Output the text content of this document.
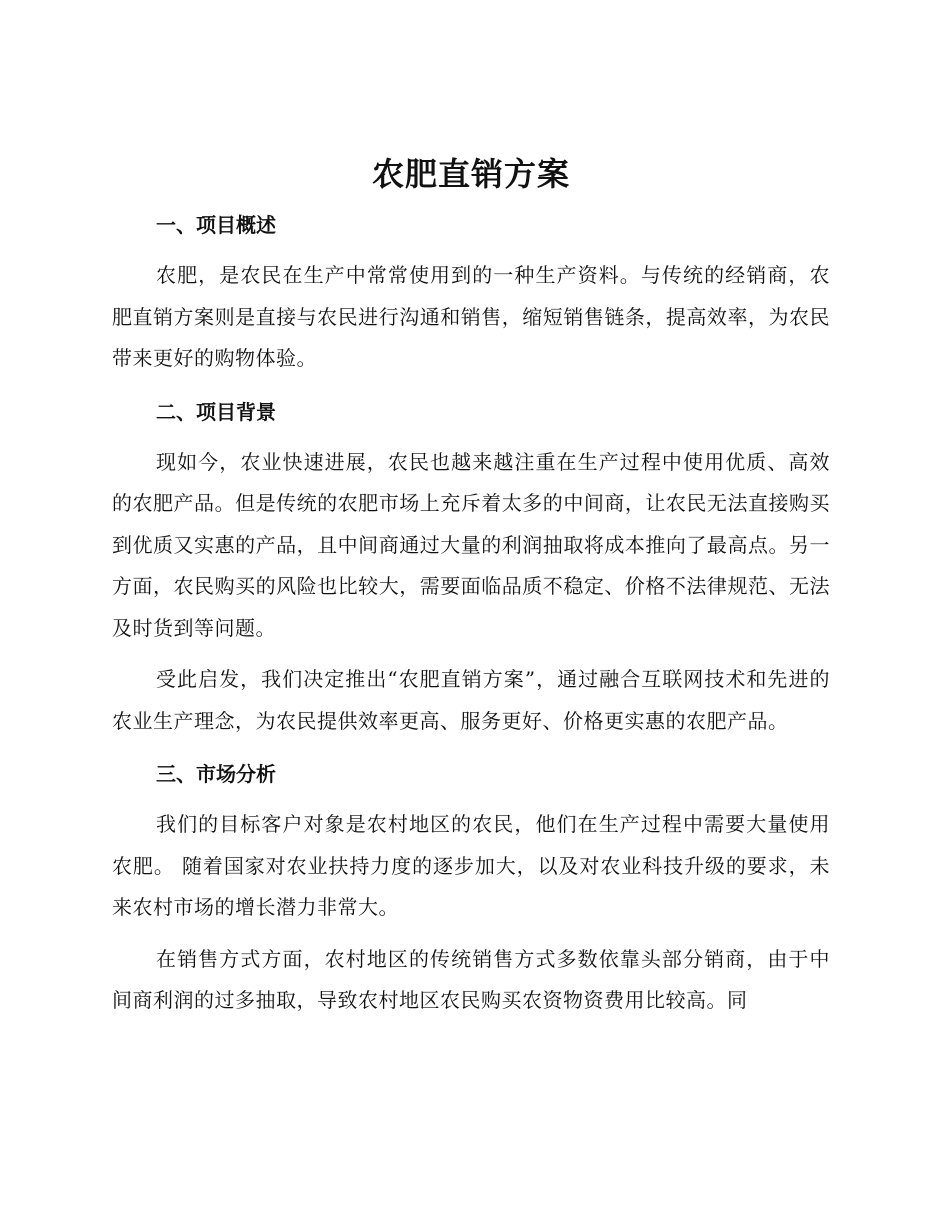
农肥直销方案
一、项目概述

农肥，是农民在生产中常常使用到的一种生产资料。与传统的经销商，农肥直销方案则是直接与农民进行沟通和销售，缩短销售链条，提高效率，为农民带来更好的购物体验。

二、项目背景

现如今，农业快速进展，农民也越来越注重在生产过程中使用优质、高效的农肥产品。但是传统的农肥市场上充斥着太多的中间商，让农民无法直接购买到优质又实惠的产品，且中间商通过大量的利润抽取将成本推向了最高点。另一方面，农民购买的风险也比较大，需要面临品质不稳定、价格不法律规范、无法及时货到等问题。

受此启发，我们决定推出“农肥直销方案”，通过融合互联网技术和先进的农业生产理念，为农民提供效率更高、服务更好、价格更实惠的农肥产品。

三、市场分析

我们的目标客户对象是农村地区的农民，他们在生产过程中需要大量使用农肥。 随着国家对农业扶持力度的逐步加大，以及对农业科技升级的要求，未来农村市场的增长潜力非常大。

在销售方式方面，农村地区的传统销售方式多数依靠头部分销商，由于中间商利润的过多抽取，导致农村地区农民购买农资物资费用比较高。同
